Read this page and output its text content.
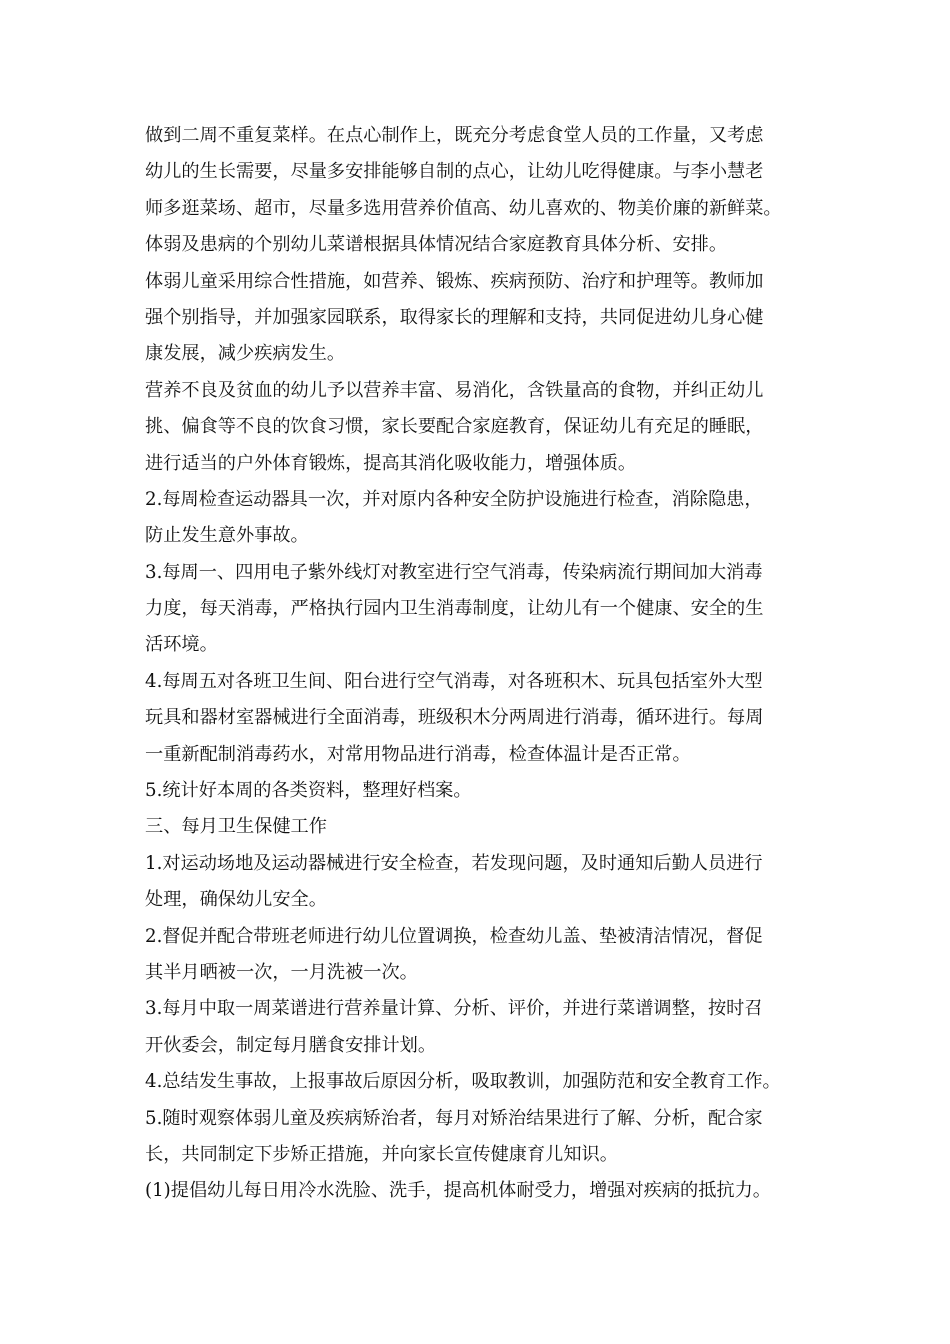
做到二周不重复菜样。在点心制作上，既充分考虑食堂人员的工作量，又考虑
幼儿的生长需要，尽量多安排能够自制的点心，让幼儿吃得健康。与李小慧老
师多逛菜场、超市，尽量多选用营养价值高、幼儿喜欢的、物美价廉的新鲜菜。
体弱及患病的个别幼儿菜谱根据具体情况结合家庭教育具体分析、安排。
体弱儿童采用综合性措施，如营养、锻炼、疾病预防、治疗和护理等。教师加
强个别指导，并加强家园联系，取得家长的理解和支持，共同促进幼儿身心健
康发展，减少疾病发生。
营养不良及贫血的幼儿予以营养丰富、易消化，含铁量高的食物，并纠正幼儿
挑、偏食等不良的饮食习惯，家长要配合家庭教育，保证幼儿有充足的睡眠，
进行适当的户外体育锻炼，提高其消化吸收能力，增强体质。
2.每周检查运动器具一次，并对原内各种安全防护设施进行检查，消除隐患，
防止发生意外事故。
3.每周一、四用电子紫外线灯对教室进行空气消毒，传染病流行期间加大消毒
力度，每天消毒，严格执行园内卫生消毒制度，让幼儿有一个健康、安全的生
活环境。
4.每周五对各班卫生间、阳台进行空气消毒，对各班积木、玩具包括室外大型
玩具和器材室器械进行全面消毒，班级积木分两周进行消毒，循环进行。每周
一重新配制消毒药水，对常用物品进行消毒，检查体温计是否正常。
5.统计好本周的各类资料，整理好档案。
三、每月卫生保健工作
1.对运动场地及运动器械进行安全检查，若发现问题，及时通知后勤人员进行
处理，确保幼儿安全。
2.督促并配合带班老师进行幼儿位置调换，检查幼儿盖、垫被清洁情况，督促
其半月晒被一次，一月洗被一次。
3.每月中取一周菜谱进行营养量计算、分析、评价，并进行菜谱调整，按时召
开伙委会，制定每月膳食安排计划。
4.总结发生事故，上报事故后原因分析，吸取教训，加强防范和安全教育工作。
5.随时观察体弱儿童及疾病矫治者，每月对矫治结果进行了解、分析，配合家
长，共同制定下步矫正措施，并向家长宣传健康育儿知识。
(1)提倡幼儿每日用冷水洗脸、洗手，提高机体耐受力，增强对疾病的抵抗力。
